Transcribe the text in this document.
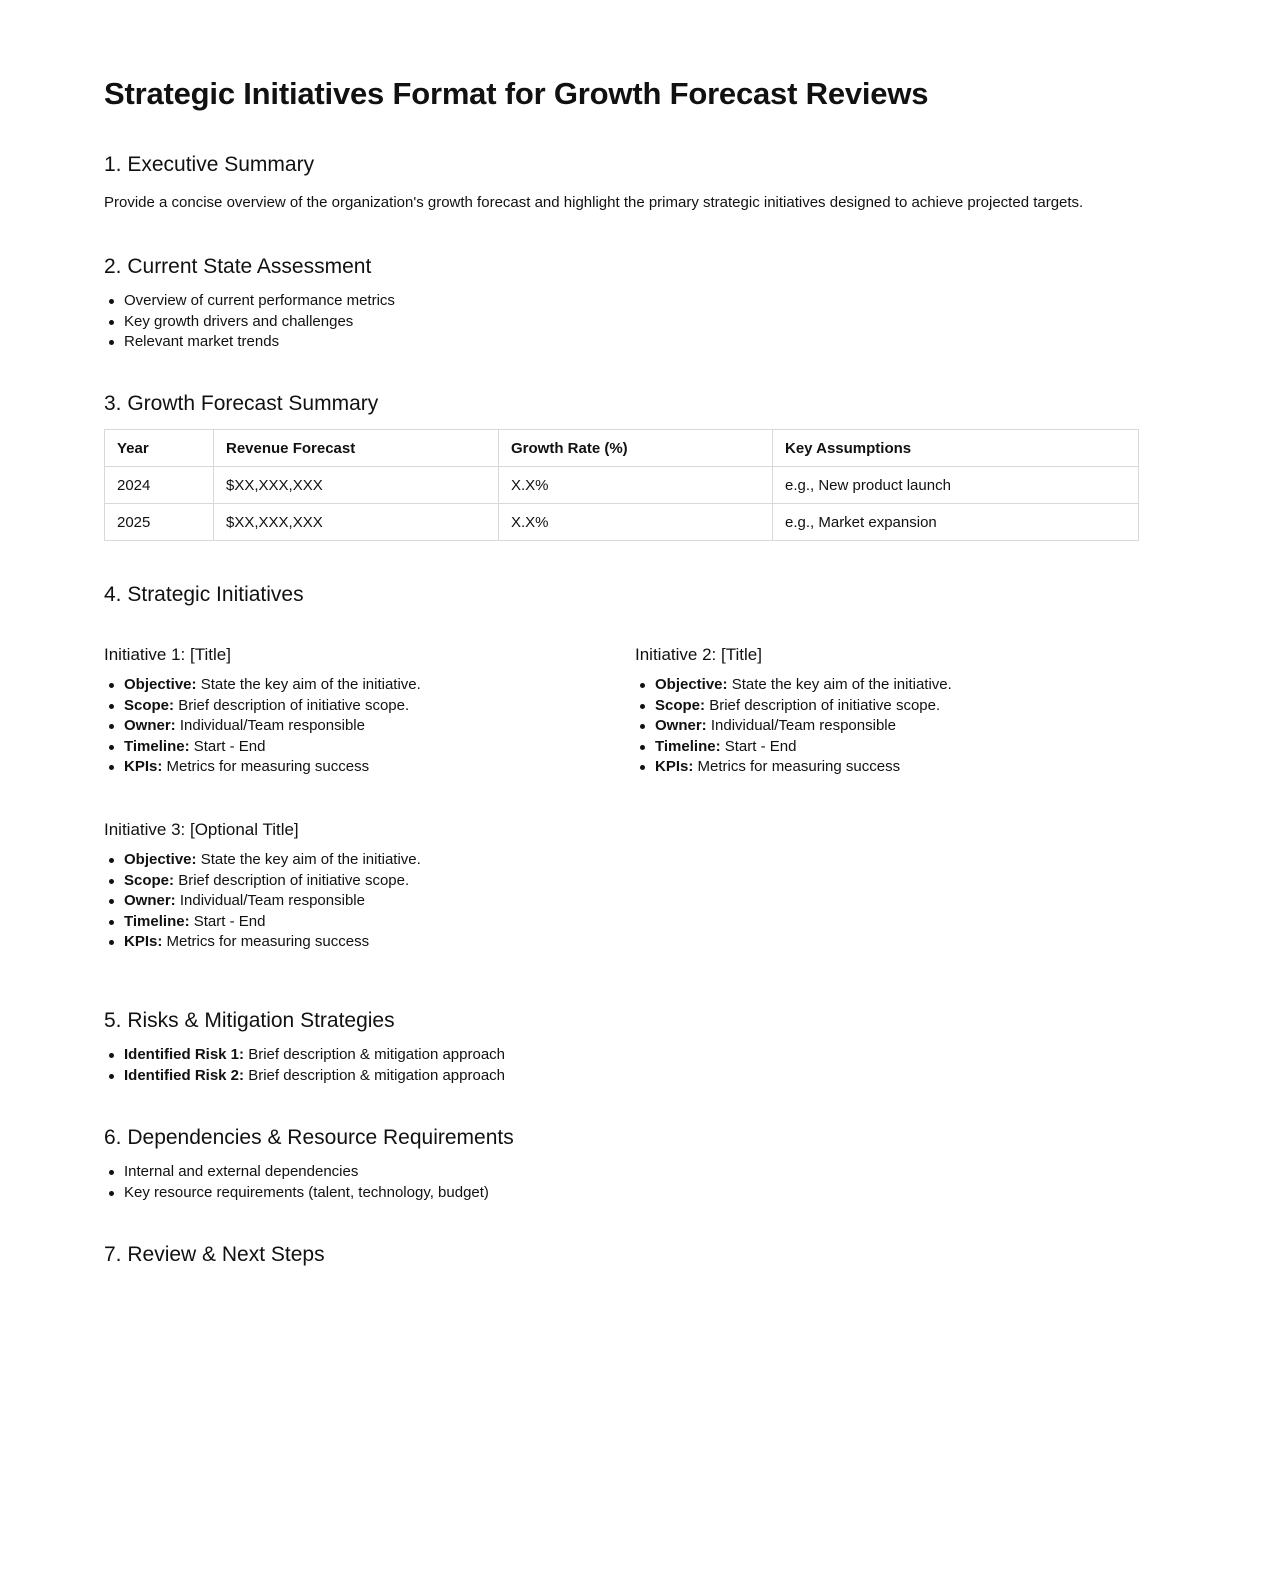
Strategic Initiatives Format for Growth Forecast Reviews
1. Executive Summary

Provide a concise overview of the organization's growth forecast and highlight the primary strategic initiatives designed to achieve projected targets.

2. Current State Assessment
Overview of current performance metrics
Key growth drivers and challenges
Relevant market trends
3. Growth Forecast Summary
Year	Revenue Forecast	Growth Rate (%)	Key Assumptions
2024	$XX,XXX,XXX	X.X%	e.g., New product launch
2025	$XX,XXX,XXX	X.X%	e.g., Market expansion
4. Strategic Initiatives
Initiative 1: [Title]
Objective: State the key aim of the initiative.
Scope: Brief description of initiative scope.
Owner: Individual/Team responsible
Timeline: Start - End
KPIs: Metrics for measuring success
Initiative 2: [Title]
Objective: State the key aim of the initiative.
Scope: Brief description of initiative scope.
Owner: Individual/Team responsible
Timeline: Start - End
KPIs: Metrics for measuring success
Initiative 3: [Optional Title]
Objective: State the key aim of the initiative.
Scope: Brief description of initiative scope.
Owner: Individual/Team responsible
Timeline: Start - End
KPIs: Metrics for measuring success
5. Risks & Mitigation Strategies
Identified Risk 1: Brief description & mitigation approach
Identified Risk 2: Brief description & mitigation approach
6. Dependencies & Resource Requirements
Internal and external dependencies
Key resource requirements (talent, technology, budget)
7. Review & Next Steps
